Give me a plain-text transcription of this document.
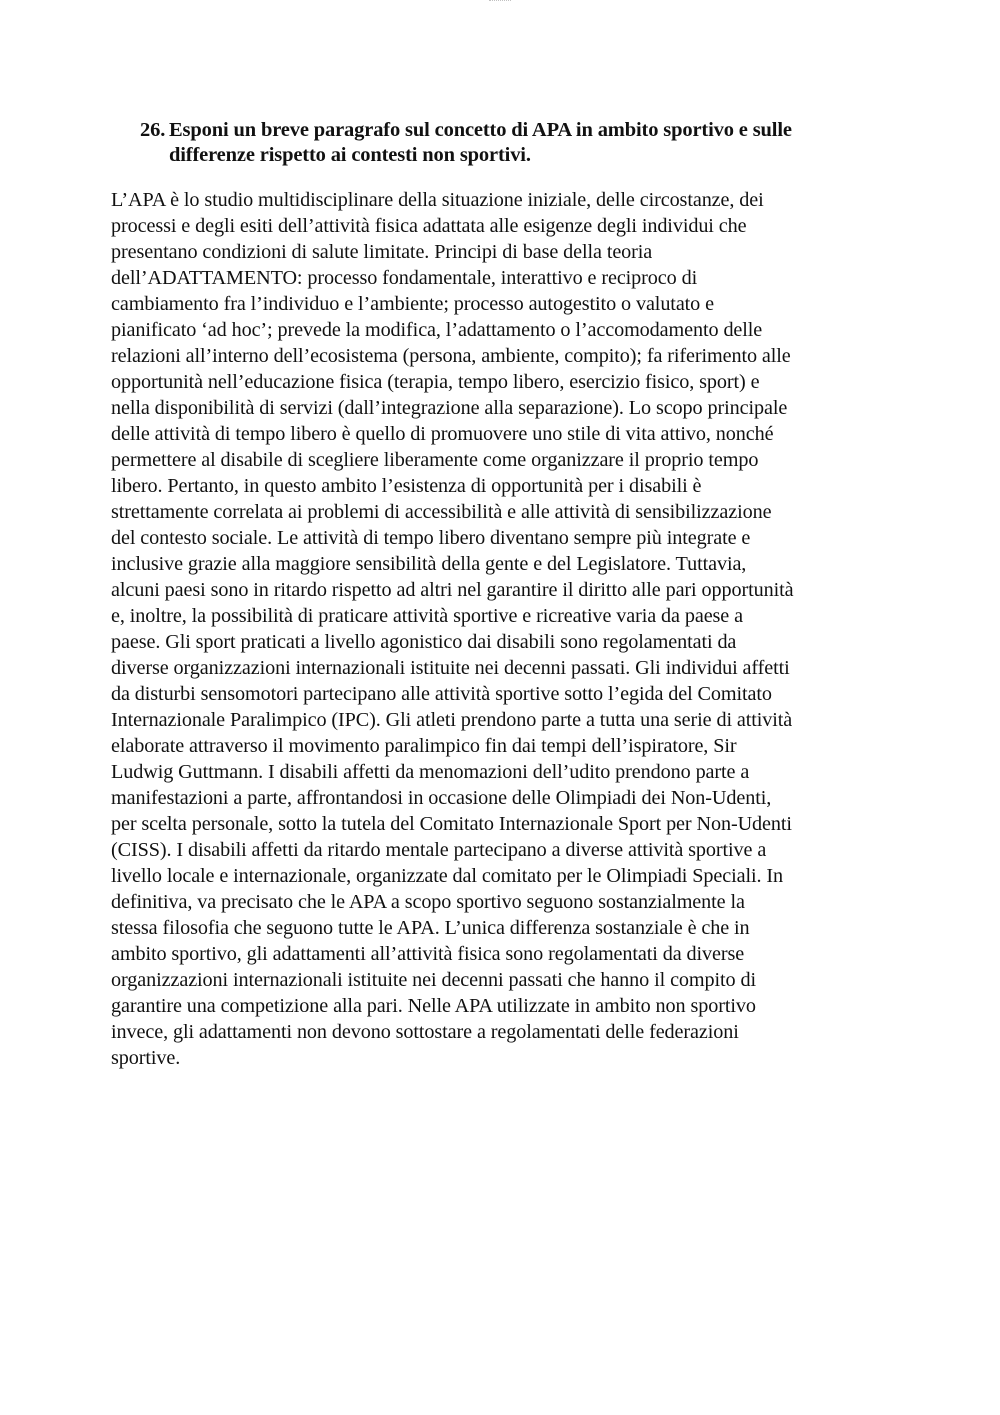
26. Esponi un breve paragrafo sul concetto di APA in ambito sportivo e sulle
differenze rispetto ai contesti non sportivi.
L’APA è lo studio multidisciplinare della situazione iniziale, delle circostanze, dei
processi e degli esiti dell’attività fisica adattata alle esigenze degli individui che
presentano condizioni di salute limitate. Principi di base della teoria
dell’ADATTAMENTO: processo fondamentale, interattivo e reciproco di
cambiamento fra l’individuo e l’ambiente; processo autogestito o valutato e
pianificato ‘ad hoc’; prevede la modifica, l’adattamento o l’accomodamento delle
relazioni all’interno dell’ecosistema (persona, ambiente, compito); fa riferimento alle
opportunità nell’educazione fisica (terapia, tempo libero, esercizio fisico, sport) e
nella disponibilità di servizi (dall’integrazione alla separazione). Lo scopo principale
delle attività di tempo libero è quello di promuovere uno stile di vita attivo, nonché
permettere al disabile di scegliere liberamente come organizzare il proprio tempo
libero. Pertanto, in questo ambito l’esistenza di opportunità per i disabili è
strettamente correlata ai problemi di accessibilità e alle attività di sensibilizzazione
del contesto sociale. Le attività di tempo libero diventano sempre più integrate e
inclusive grazie alla maggiore sensibilità della gente e del Legislatore. Tuttavia,
alcuni paesi sono in ritardo rispetto ad altri nel garantire il diritto alle pari opportunità
e, inoltre, la possibilità di praticare attività sportive e ricreative varia da paese a
paese. Gli sport praticati a livello agonistico dai disabili sono regolamentati da
diverse organizzazioni internazionali istituite nei decenni passati. Gli individui affetti
da disturbi sensomotori partecipano alle attività sportive sotto l’egida del Comitato
Internazionale Paralimpico (IPC). Gli atleti prendono parte a tutta una serie di attività
elaborate attraverso il movimento paralimpico fin dai tempi dell’ispiratore, Sir
Ludwig Guttmann. I disabili affetti da menomazioni dell’udito prendono parte a
manifestazioni a parte, affrontandosi in occasione delle Olimpiadi dei Non-Udenti,
per scelta personale, sotto la tutela del Comitato Internazionale Sport per Non-Udenti
(CISS). I disabili affetti da ritardo mentale partecipano a diverse attività sportive a
livello locale e internazionale, organizzate dal comitato per le Olimpiadi Speciali. In
definitiva, va precisato che le APA a scopo sportivo seguono sostanzialmente la
stessa filosofia che seguono tutte le APA. L’unica differenza sostanziale è che in
ambito sportivo, gli adattamenti all’attività fisica sono regolamentati da diverse
organizzazioni internazionali istituite nei decenni passati che hanno il compito di
garantire una competizione alla pari. Nelle APA utilizzate in ambito non sportivo
invece, gli adattamenti non devono sottostare a regolamentati delle federazioni
sportive.
